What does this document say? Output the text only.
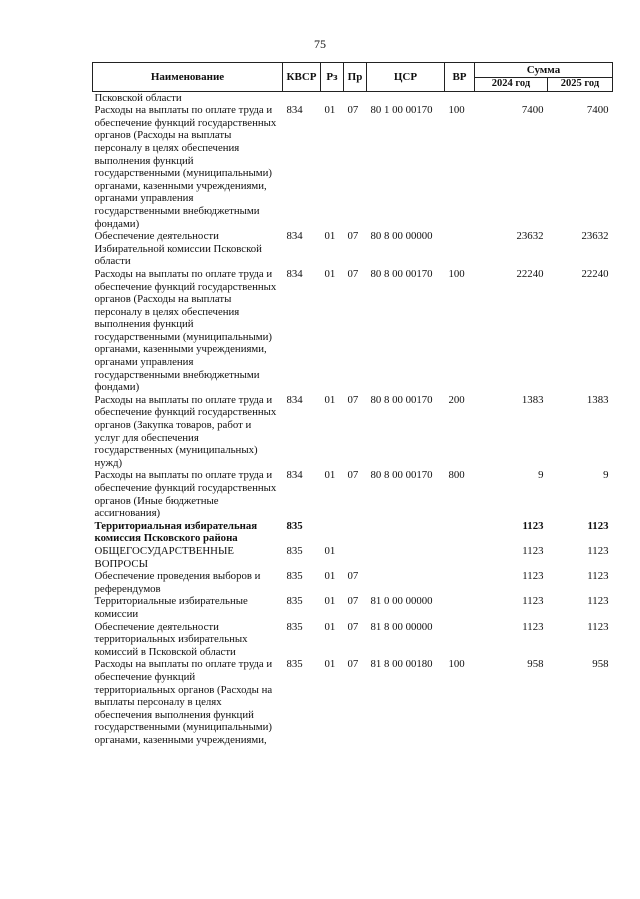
75
Наименование	КВСР	Рз	Пр	ЦСР	ВР	Сумма	
						2024 год	2025 год
Псковской области							
Расходы на выплаты по оплате труда и обеспечение функций государственных органов (Расходы на выплаты персоналу в целях обеспечения выполнения функций государственными (муниципальными) органами, казенными учреждениями, органами управления государственными внебюджетными фондами)	834	01	07	80 1 00 00170	100	7400	7400
Обеспечение деятельности Избирательной комиссии Псковской области	834	01	07	80 8 00 00000		23632	23632
Расходы на выплаты по оплате труда и обеспечение функций государственных органов (Расходы на выплаты персоналу в целях обеспечения выполнения функций государственными (муниципальными) органами, казенными учреждениями, органами управления государственными внебюджетными фондами)	834	01	07	80 8 00 00170	100	22240	22240
Расходы на выплаты по оплате труда и обеспечение функций государственных органов (Закупка товаров, работ и услуг для обеспечения государственных (муниципальных) нужд)	834	01	07	80 8 00 00170	200	1383	1383
Расходы на выплаты по оплате труда и обеспечение функций государственных органов (Иные бюджетные ассигнования)	834	01	07	80 8 00 00170	800	9	9
Территориальная избирательная комиссия Псковского района	835					1123	1123
ОБЩЕГОСУДАРСТВЕННЫЕ ВОПРОСЫ	835	01				1123	1123
Обеспечение проведения выборов и референдумов	835	01	07			1123	1123
Территориальные избирательные комиссии	835	01	07	81 0 00 00000		1123	1123
Обеспечение деятельности территориальных избирательных комиссий в Псковской области	835	01	07	81 8 00 00000		1123	1123
Расходы на выплаты по оплате труда и обеспечение функций территориальных органов (Расходы на выплаты персоналу в целях обеспечения выполнения функций государственными (муниципальными) органами, казенными учреждениями,	835	01	07	81 8 00 00180	100	958	958
